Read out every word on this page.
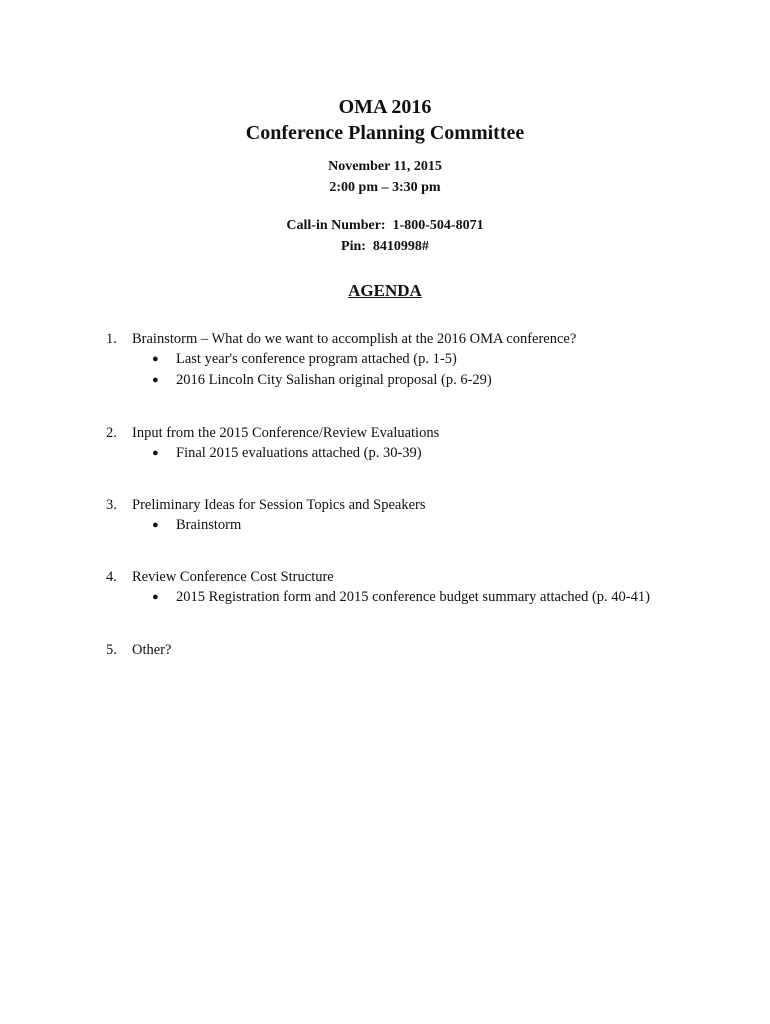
OMA 2016
Conference Planning Committee
November 11, 2015
2:00 pm – 3:30 pm
Call-in Number:  1-800-504-8071
Pin:  8410998#
AGENDA
1.	Brainstorm – What do we want to accomplish at the 2016 OMA conference?
●	Last year's conference program attached (p. 1-5)
●	2016 Lincoln City Salishan original proposal (p. 6-29)
2.	Input from the 2015 Conference/Review Evaluations
●	Final 2015 evaluations attached (p. 30-39)
3.	Preliminary Ideas for Session Topics and Speakers
●	Brainstorm
4.	Review Conference Cost Structure
●	2015 Registration form and 2015 conference budget summary attached (p. 40-41)
5.	Other?
